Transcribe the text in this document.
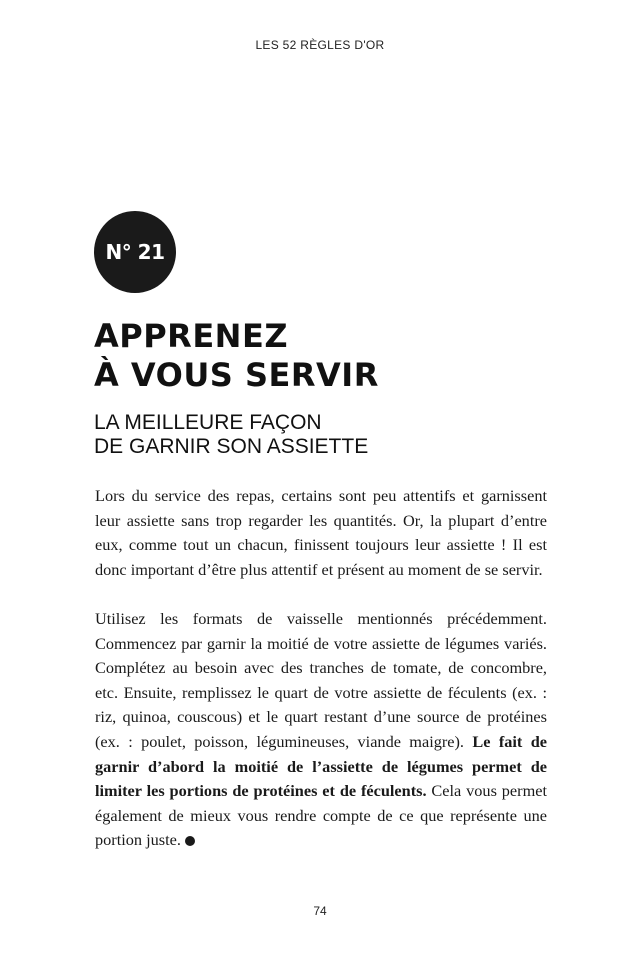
LES 52 RÈGLES D'OR
N° 21
APPRENEZ
À VOUS SERVIR
LA MEILLEURE FAÇON
DE GARNIR SON ASSIETTE

Lors du service des repas, certains sont peu attentifs et garnissent leur assiette sans trop regarder les quantités. Or, la plupart d’entre eux, comme tout un chacun, finissent toujours leur assiette ! Il est donc important d’être plus attentif et présent au moment de se servir.

Utilisez les formats de vaisselle mentionnés précédemment. Commencez par garnir la moitié de votre assiette de légumes variés. Complétez au besoin avec des tranches de tomate, de concombre, etc. Ensuite, remplissez le quart de votre assiette de féculents (ex. : riz, quinoa, couscous) et le quart restant d’une source de protéines (ex. : poulet, poisson, légumineuses, viande maigre). Le fait de garnir d’abord la moitié de l’assiette de légumes permet de limiter les portions de protéines et de féculents. Cela vous permet également de mieux vous rendre compte de ce que représente une portion juste.

74
